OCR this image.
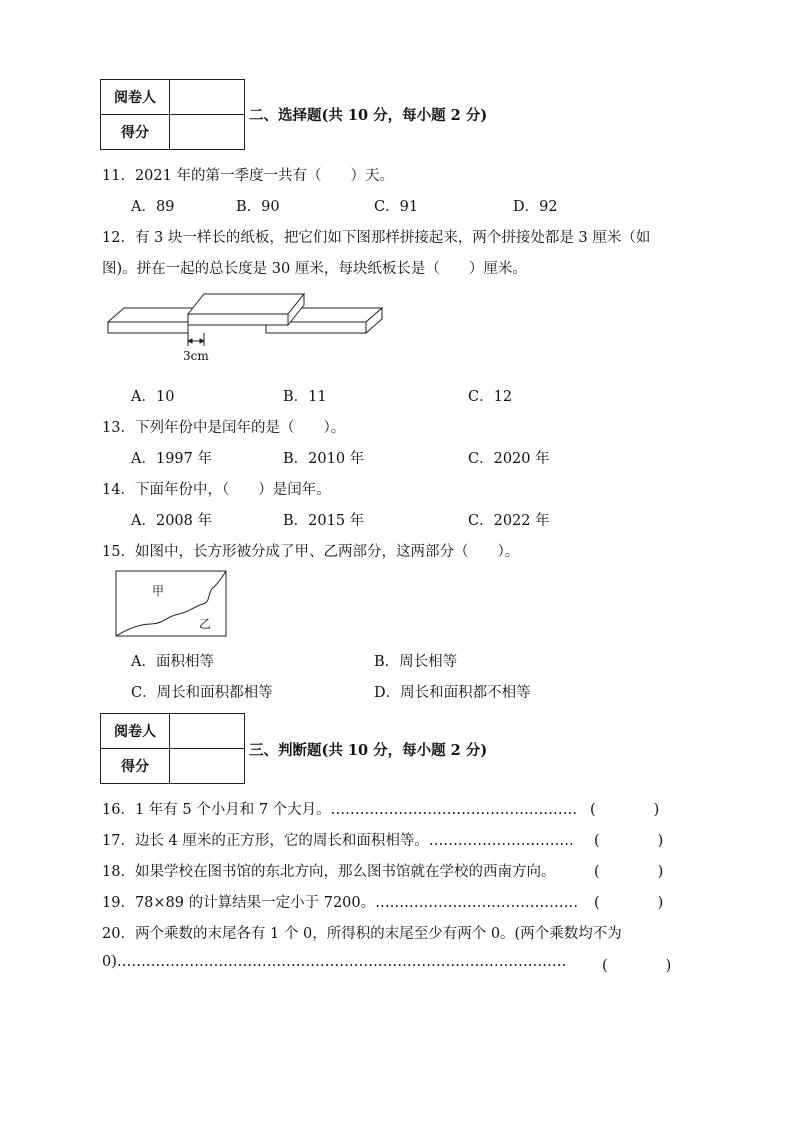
阅卷人	
得分	
二、选择题(共 10 分，每小题 2 分)
11．2021 年的第一季度一共有（　　）天。
A．89	B．90	C．91	D．92
12．有 3 块一样长的纸板，把它们如下图那样拼接起来，两个拼接处都是 3 厘米（如
图)。拼在一起的总长度是 30 厘米，每块纸板长是（　　）厘米。
3cm
A．10	B．11	C．12
13．下列年份中是闰年的是（　　）。
A．1997 年	B．2010 年	C．2020 年
14．下面年份中，（　　）是闰年。
A．2008 年	B．2015 年	C．2022 年
15．如图中，长方形被分成了甲、乙两部分，这两部分（　　）。
甲
乙
A．面积相等	B．周长相等
C．周长和面积都相等	D．周长和面积都不相等
阅卷人	
得分	
三、判断题(共 10 分，每小题 2 分)
16．1 年有 5 个小月和 7 个大月。…………………………………………… (　　　　)
17．边长 4 厘米的正方形，它的周长和面积相等。………………………… (　　　　)
18．如果学校在图书馆的东北方向，那么图书馆就在学校的西南方向。	(　　　　)
19．78×89 的计算结果一定小于 7200。…………………………………… (　　　　)
20．两个乘数的末尾各有 1 个 0，所得积的末尾至少有两个 0。(两个乘数均不为
0)………………………………………………………………………………… (　　　　)
